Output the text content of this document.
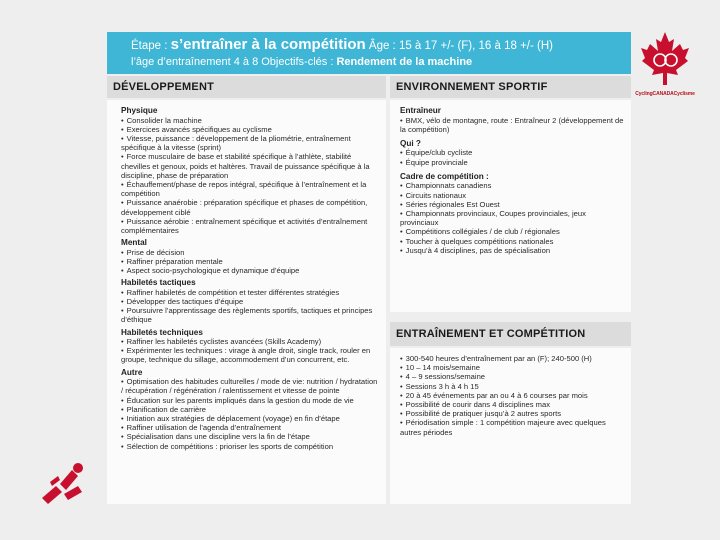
Étape : s’entraîner à la compétition Âge : 15 à 17 +/- (F), 16 à 18 +/- (H)
l’âge d’entraînement 4 à 8 Objectifs-clés : Rendement de la machine
CyclingCANADACyclisme
DÉVELOPPEMENT	ENVIRONNEMENT SPORTIF
Physique
• Consolider la machine
• Exercices avancés spécifiques au cyclisme
• Vitesse, puissance : développement de la pliométrie, entraînement spécifique à la vitesse (sprint)
• Force musculaire de base et stabilité spécifique à l’athlète, stabilité chevilles et genoux, poids et haltères. Travail de puissance spécifique à la discipline, phase de préparation
• Échauffement/phase de repos intégral, spécifique à l’entraînement et la compétition
• Puissance anaérobie : préparation spécifique et phases de compétition, développement ciblé
• Puissance aérobie : entraînement spécifique et activités d’entraînement complémentaires
Mental
• Prise de décision
• Raffiner préparation mentale
• Aspect socio-psychologique et dynamique d’équipe
Habiletés tactiques
• Raffiner habiletés de compétition et tester différentes stratégies
• Développer des tactiques d’équipe
• Poursuivre l’apprentissage des règlements sportifs, tactiques et principes d’éthique
Habiletés techniques
• Raffiner les habiletés cyclistes avancées (Skills Academy)
• Expérimenter les techniques : virage à angle droit, single track, rouler en groupe, technique du sillage, accommodement d’un concurrent, etc.
Autre
• Optimisation des habitudes culturelles / mode de vie: nutrition / hydratation / récupération / régénération / ralentissement et vitesse de pointe
• Éducation sur les parents impliqués dans la gestion du mode de vie
• Planification de carrière
• Initiation aux stratégies de déplacement (voyage) en fin d’étape
• Raffiner utilisation de l’agenda d’entraînement
• Spécialisation dans une discipline vers la fin de l’étape
• Sélection de compétitions : prioriser les sports de compétition
Entraîneur
• BMX, vélo de montagne, route : Entraîneur 2 (développement de la compétition)
Qui ?
• Équipe/club cycliste
• Équipe provinciale
Cadre de compétition :
• Championnats canadiens
• Circuits nationaux
• Séries régionales Est Ouest
• Championnats provinciaux, Coupes provinciales, jeux provinciaux
• Compétitions collégiales / de club / régionales
• Toucher à quelques compétitions nationales
• Jusqu’à 4 disciplines, pas de spécialisation
ENTRAÎNEMENT ET COMPÉTITION
• 300-540 heures d’entraînement par an (F); 240-500 (H)
• 10 – 14 mois/semaine
• 4 – 9 sessions/semaine
• Sessions 3 h à 4 h 15
• 20 à 45 événements par an ou 4 à 6 courses par mois
• Possibilité de courir dans 4 disciplines max
• Possibilité de pratiquer jusqu’à 2 autres sports
• Périodisation simple : 1 compétition majeure avec quelques autres périodes
